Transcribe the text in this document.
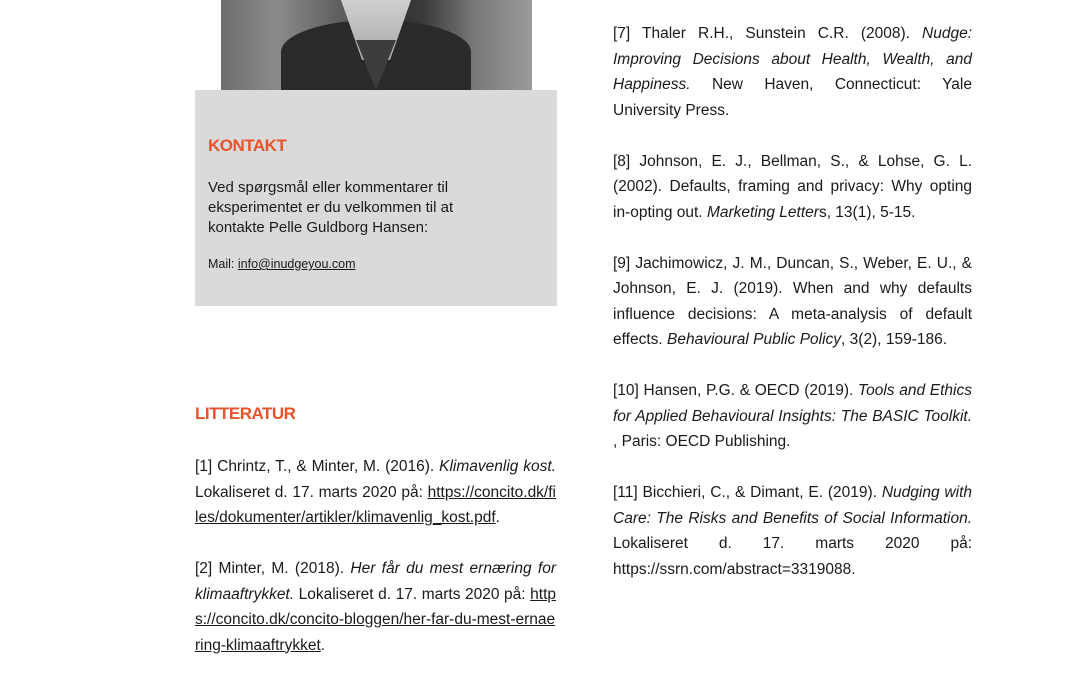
KONTAKT
Ved spørgsmål eller kommentarer til eksperimentet er du velkommen til at kontakte Pelle Guldborg Hansen:
Mail: info@inudgeyou.com
LITTERATUR

[1] Chrintz, T., & Minter, M. (2016). Klimavenlig kost. Lokaliseret d. 17. marts 2020 på: https://concito.dk/files/dokumenter/artikler/klimavenlig_kost.pdf.

[2] Minter, M. (2018). Her får du mest ernæring for klimaaftrykket. Lokaliseret d. 17. marts 2020 på: https://concito.dk/concito-bloggen/her-far-du-mest-ernaering-klimaaftrykket.

[7] Thaler R.H., Sunstein C.R. (2008). Nudge: Improving Decisions about Health, Wealth, and Happiness. New Haven, Connecticut: Yale University Press.

[8] Johnson, E. J., Bellman, S., & Lohse, G. L. (2002). Defaults, framing and privacy: Why opting in-opting out. Marketing Letters, 13(1), 5-15.

[9] Jachimowicz, J. M., Duncan, S., Weber, E. U., & Johnson, E. J. (2019). When and why defaults influence decisions: A meta-analysis of default effects. Behavioural Public Policy, 3(2), 159-186.

[10] Hansen, P.G. & OECD (2019). Tools and Ethics for Applied Behavioural Insights: The BASIC Toolkit. , Paris: OECD Publishing.

[11] Bicchieri, C., & Dimant, E. (2019). Nudging with Care: The Risks and Benefits of Social Information. Lokaliseret d. 17. marts 2020 på: https://ssrn.com/abstract=3319088.
